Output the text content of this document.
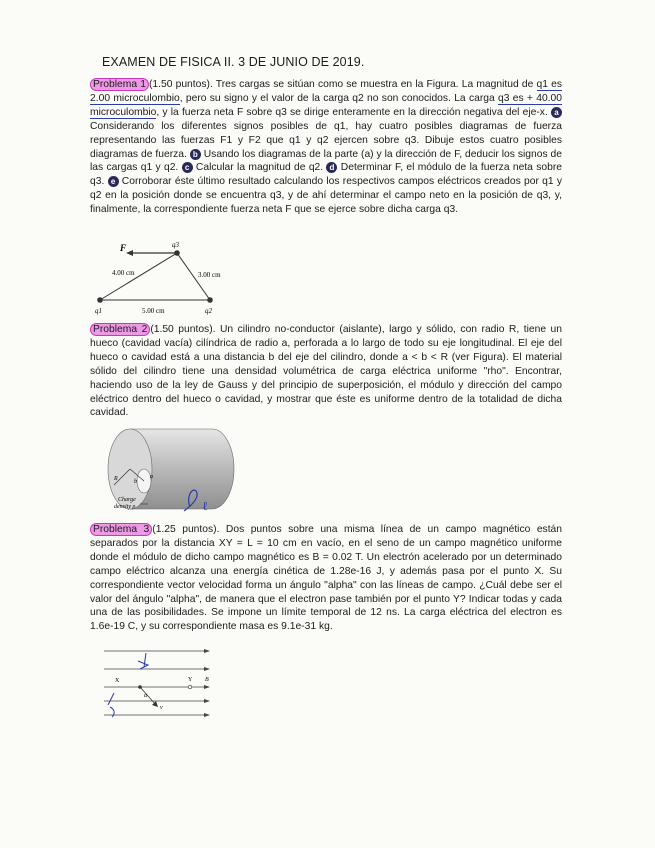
EXAMEN DE FISICA II. 3 DE JUNIO DE 2019.
Problema 1 (1.50 puntos). Tres cargas se sitúan como se muestra en la Figura. La magnitud de q1 es 2.00 microculombio, pero su signo y el valor de la carga q2 no son conocidos. La carga q3 es + 40.00 microculombio, y la fuerza neta F sobre q3 se dirige enteramente en la dirección negativa del eje-x. aConsiderando los diferentes signos posibles de q1, hay cuatro posibles diagramas de fuerza representando las fuerzas F1 y F2 que q1 y q2 ejercen sobre q3. Dibuje estos cuatro posibles diagramas de fuerza. b Usando los diagramas de la parte (a) y la dirección de F, deducir los signos de las cargas q1 y q2. c Calcular la magnitud de q2. d Determinar F, el módulo de la fuerza neta sobre q3. e Corroborar éste último resultado calculando los respectivos campos eléctricos creados por q1 y q2 en la posición donde se encuentra q3, y de ahí determinar el campo neto en la posición de q3, y, finalmente, la correspondiente fuerza neta F que se ejerce sobre dicha carga q3.
F	q3
q1	q2
4.00 cm	3.00 cm
5.00 cm
Problema 2 (1.50 puntos). Un cilindro no-conductor (aislante), largo y sólido, con radio R, tiene un hueco (cavidad vacía) cilíndrica de radio a, perforada a lo largo de todo su eje longitudinal. El eje del hueco o cavidad está a una distancia b del eje del cilindro, donde a < b < R (ver Figura). El material sólido del cilindro tiene una densidad volumétrica de carga eléctrica uniforme "rho". Encontrar, haciendo uso de la ley de Gauss y del principio de superposición, el módulo y dirección del campo eléctrico dentro del hueco o cavidad, y mostrar que éste es uniforme dentro de la totalidad de dicha cavidad.
R	b
a
Charge
density ρ	ℓ
Problema 3 (1.25 puntos). Dos puntos sobre una misma línea de un campo magnético están separados por la distancia XY = L = 10 cm en vacío, en el seno de un campo magnético uniforme donde el módulo de dicho campo magnético es B = 0.02 T. Un electrón acelerado por un determinado campo eléctrico alcanza una energía cinética de 1.28e-16 J, y además pasa por el punto X. Su correspondiente vector velocidad forma un ángulo "alpha" con las líneas de campo. ¿Cuál debe ser el valor del ángulo "alpha", de manera que el electron pase también por el punto Y? Indicar todas y cada una de las posibilidades. Se impone un límite temporal de 12 ns. La carga eléctrica del electron es 1.6e-19 C, y su correspondiente masa es 9.1e-31 kg.
X	Y B
v
α
